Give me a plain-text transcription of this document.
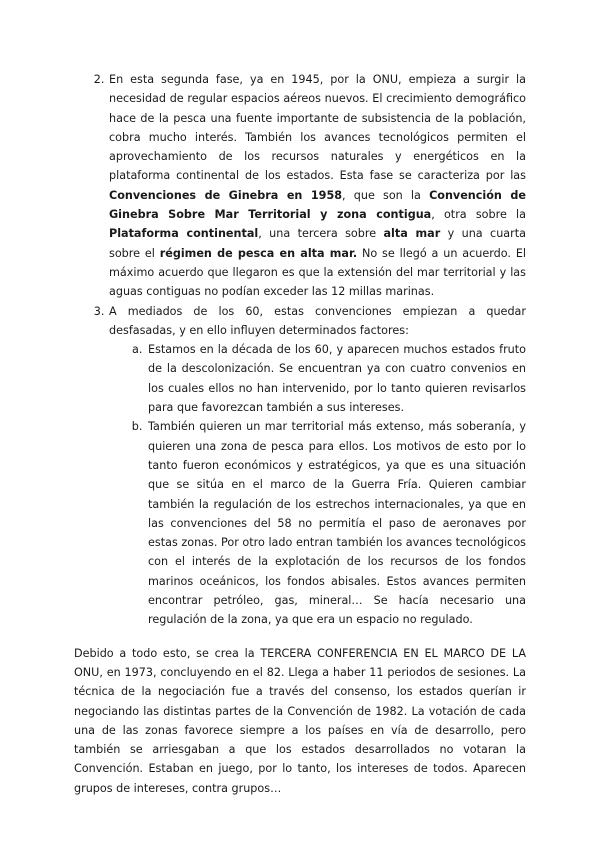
2. En esta segunda fase, ya en 1945, por la ONU, empieza a surgir la necesidad de regular espacios aéreos nuevos. El crecimiento demográfico hace de la pesca una fuente importante de subsistencia de la población, cobra mucho interés. También los avances tecnológicos permiten el aprovechamiento de los recursos naturales y energéticos en la plataforma continental de los estados. Esta fase se caracteriza por las Convenciones de Ginebra en 1958, que son la Convención de Ginebra Sobre Mar Territorial y zona contigua, otra sobre la Plataforma continental, una tercera sobre alta mar y una cuarta sobre el régimen de pesca en alta mar. No se llegó a un acuerdo. El máximo acuerdo que llegaron es que la extensión del mar territorial y las aguas contiguas no podían exceder las 12 millas marinas.
3. A mediados de los 60, estas convenciones empiezan a quedar desfasadas, y en ello influyen determinados factores:
a. Estamos en la década de los 60, y aparecen muchos estados fruto de la descolonización. Se encuentran ya con cuatro convenios en los cuales ellos no han intervenido, por lo tanto quieren revisarlos para que favorezcan también a sus intereses.
b. También quieren un mar territorial más extenso, más soberanía, y quieren una zona de pesca para ellos. Los motivos de esto por lo tanto fueron económicos y estratégicos, ya que es una situación que se sitúa en el marco de la Guerra Fría. Quieren cambiar también la regulación de los estrechos internacionales, ya que en las convenciones del 58 no permitía el paso de aeronaves por estas zonas. Por otro lado entran también los avances tecnológicos con el interés de la explotación de los recursos de los fondos marinos oceánicos, los fondos abisales. Estos avances permiten encontrar petróleo, gas, mineral… Se hacía necesario una regulación de la zona, ya que era un espacio no regulado.

Debido a todo esto, se crea la TERCERA CONFERENCIA EN EL MARCO DE LA ONU, en 1973, concluyendo en el 82. Llega a haber 11 periodos de sesiones. La técnica de la negociación fue a través del consenso, los estados querían ir negociando las distintas partes de la Convención de 1982. La votación de cada una de las zonas favorece siempre a los países en vía de desarrollo, pero también se arriesgaban a que los estados desarrollados no votaran la Convención. Estaban en juego, por lo tanto, los intereses de todos. Aparecen grupos de intereses, contra grupos…
